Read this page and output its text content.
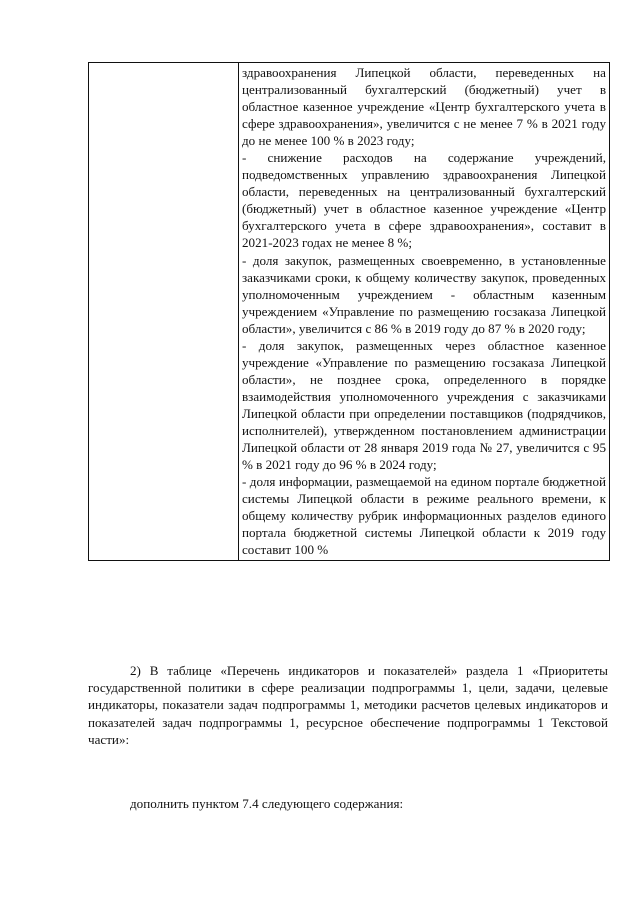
здравоохранения Липецкой области, переведенных на централизованный бухгалтерский (бюджетный) учет в областное казенное учреждение «Центр бухгалтерского учета в сфере здравоохранения», увеличится с не менее 7 % в 2021 году до не менее 100 % в 2023 году;

- снижение расходов на содержание учреждений, подведомственных управлению здравоохранения Липецкой области, переведенных на централизованный бухгалтерский (бюджетный) учет в областное казенное учреждение «Центр бухгалтерского учета в сфере здравоохранения», составит в 2021-2023 годах не менее 8 %;

- доля закупок, размещенных своевременно, в установленные заказчиками сроки, к общему количеству закупок, проведенных уполномоченным учреждением - областным казенным учреждением «Управление по размещению госзаказа Липецкой области», увеличится с 86 % в 2019 году до 87 % в 2020 году;

- доля закупок, размещенных через областное казенное учреждение «Управление по размещению госзаказа Липецкой области», не позднее срока, определенного в порядке взаимодействия уполномоченного учреждения с заказчиками Липецкой области при определении поставщиков (подрядчиков, исполнителей), утвержденном постановлением администрации Липецкой области от 28 января 2019 года № 27, увеличится с 95 % в 2021 году до 96 % в 2024 году;

- доля информации, размещаемой на едином портале бюджетной системы Липецкой области в режиме реального времени, к общему количеству рубрик информационных разделов единого портала бюджетной системы Липецкой области к 2019 году составит 100 %

2) В таблице «Перечень индикаторов и показателей» раздела 1 «Приоритеты государственной политики в сфере реализации подпрограммы 1, цели, задачи, целевые индикаторы, показатели задач подпрограммы 1, методики расчетов целевых индикаторов и показателей задач подпрограммы 1, ресурсное обеспечение подпрограммы 1 Текстовой части»:

дополнить пунктом 7.4 следующего содержания:
